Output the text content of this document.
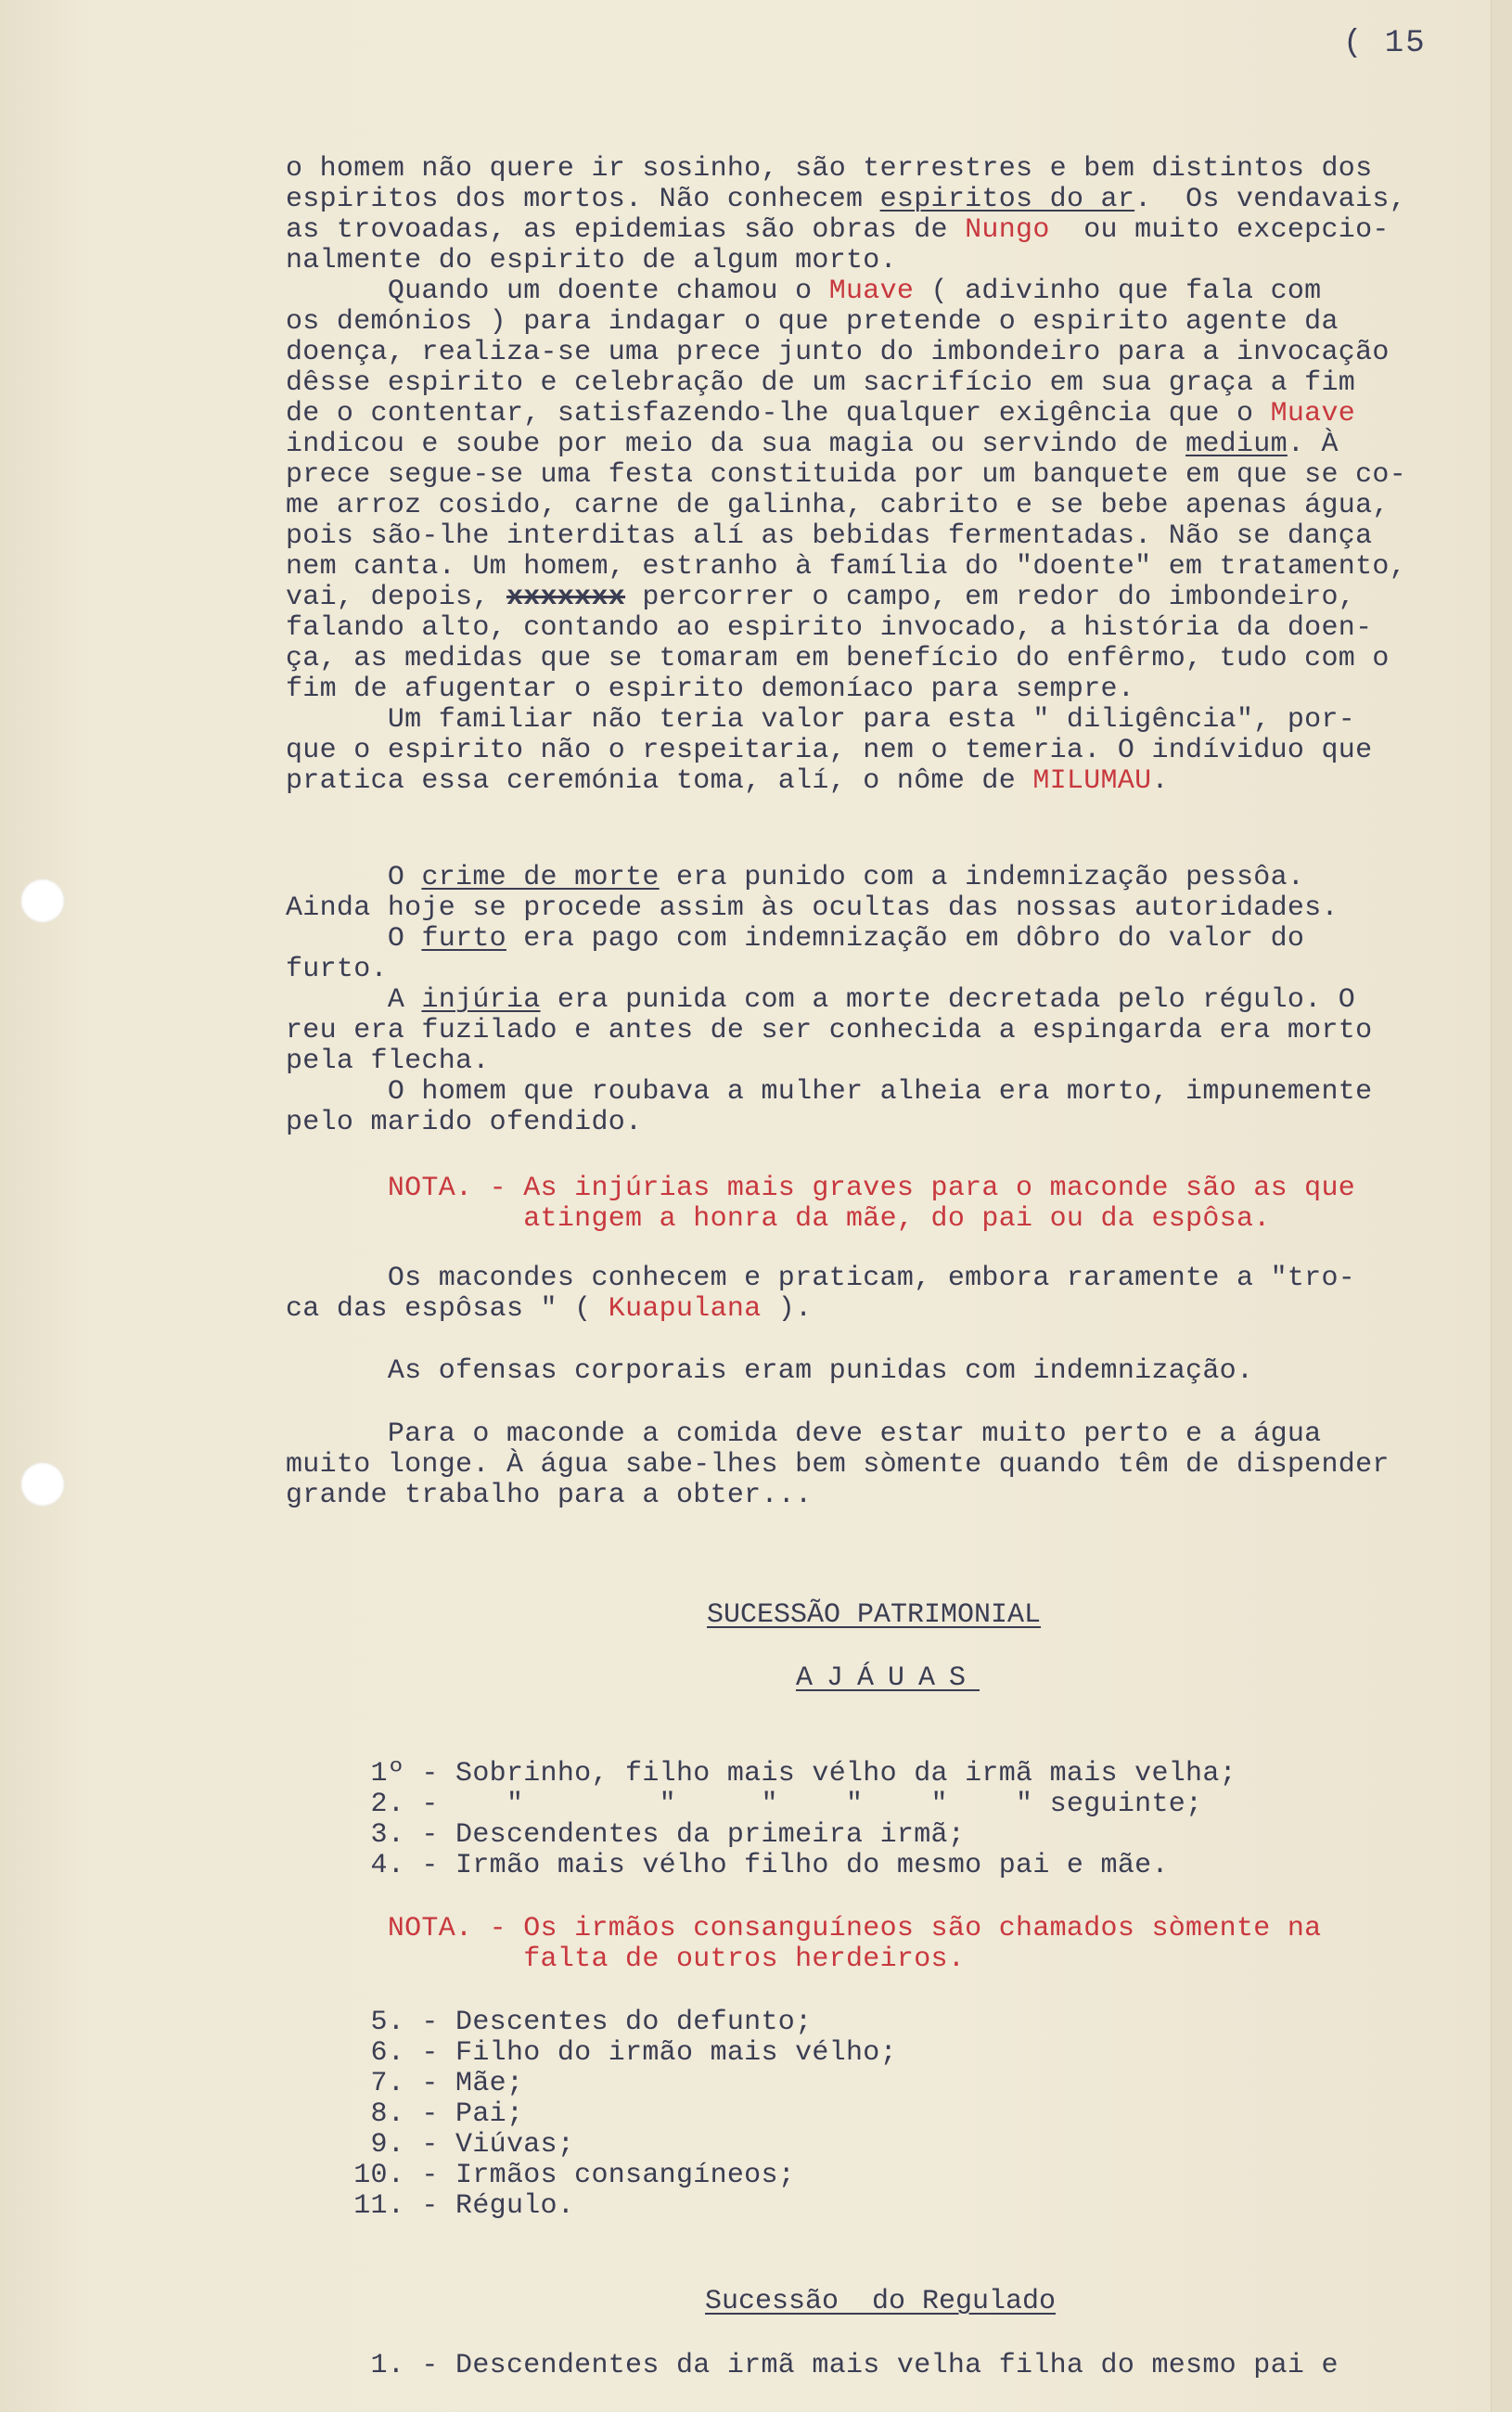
( 15
o homem não quere ir sosinho, são terrestres e bem distintos dos
espiritos dos mortos. Não conhecem espiritos do ar.  Os vendavais,
as trovoadas, as epidemias são obras de Nungo  ou muito excepcio-
nalmente do espirito de algum morto.
Quando um doente chamou o Muave ( adivinho que fala com
os demónios ) para indagar o que pretende o espirito agente da
doença, realiza-se uma prece junto do imbondeiro para a invocação
dêsse espirito e celebração de um sacrifício em sua graça a fim
de o contentar, satisfazendo-lhe qualquer exigência que o Muave
indicou e soube por meio da sua magia ou servindo de medium. À
prece segue-se uma festa constituida por um banquete em que se co-
me arroz cosido, carne de galinha, cabrito e se bebe apenas água,
pois são-lhe interditas alí as bebidas fermentadas. Não se dança
nem canta. Um homem, estranho à família do "doente" em tratamento,
vai, depois, xxxxxxx percorrer o campo, em redor do imbondeiro,
falando alto, contando ao espirito invocado, a história da doen-
ça, as medidas que se tomaram em benefício do enfêrmo, tudo com o
fim de afugentar o espirito demoníaco para sempre.
Um familiar não teria valor para esta " diligência", por-
que o espirito não o respeitaria, nem o temeria. O indíviduo que
pratica essa ceremónia toma, alí, o nôme de MILUMAU.
O crime de morte era punido com a indemnização pessôa.
Ainda hoje se procede assim às ocultas das nossas autoridades.
O furto era pago com indemnização em dôbro do valor do
furto.
A injúria era punida com a morte decretada pelo régulo. O
reu era fuzilado e antes de ser conhecida a espingarda era morto
pela flecha.
O homem que roubava a mulher alheia era morto, impunemente
pelo marido ofendido.
NOTA. - As injúrias mais graves para o maconde são as que
atingem a honra da mãe, do pai ou da espôsa.
Os macondes conhecem e praticam, embora raramente a "tro-
ca das espôsas " ( Kuapulana ).
As ofensas corporais eram punidas com indemnização.
Para o maconde a comida deve estar muito perto e a água
muito longe. À água sabe-lhes bem sòmente quando têm de dispender
grande trabalho para a obter...
SUCESSÃO PATRIMONIAL
AJÁUAS
1º - Sobrinho, filho mais vélho da irmã mais velha;
2. -    "        "     "    "    "    " seguinte;
3. - Descendentes da primeira irmã;
4. - Irmão mais vélho filho do mesmo pai e mãe.
NOTA. - Os irmãos consanguíneos são chamados sòmente na
falta de outros herdeiros.
5. - Descentes do defunto;
6. - Filho do irmão mais vélho;
7. - Mãe;
8. - Pai;
9. - Viúvas;
10. - Irmãos consangíneos;
11. - Régulo.
Sucessão  do Regulado
1. - Descendentes da irmã mais velha filha do mesmo pai e
